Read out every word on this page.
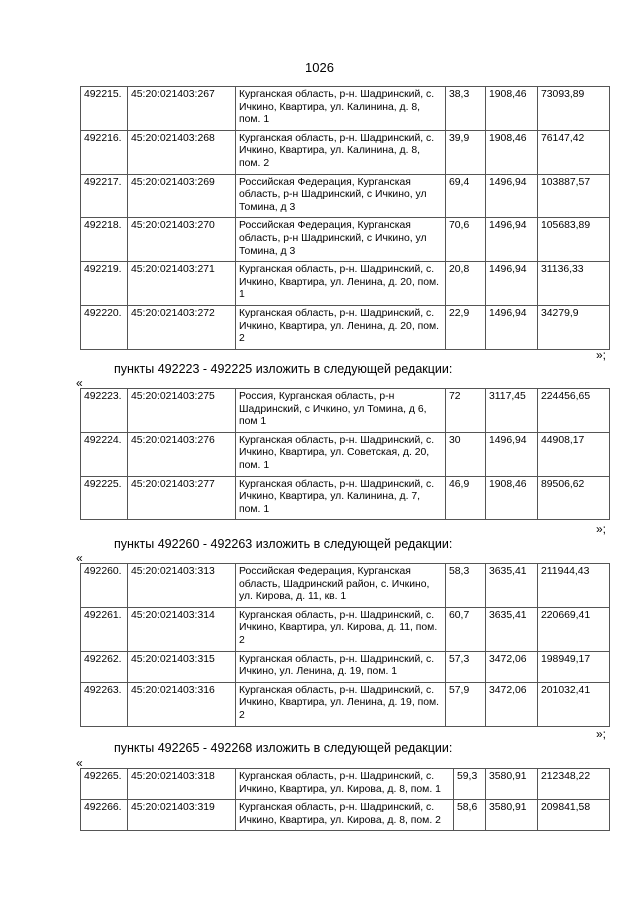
1026
492215.	45:20:021403:267	Курганская область, р-н. Шадринский, с. Ичкино, Квартира, ул. Калинина, д. 8, пом. 1	38,3	1908,46	73093,89
492216.	45:20:021403:268	Курганская область, р-н. Шадринский, с. Ичкино, Квартира, ул. Калинина, д. 8, пом. 2	39,9	1908,46	76147,42
492217.	45:20:021403:269	Российская Федерация, Курганская область, р-н Шадринский, с Ичкино, ул Томина, д 3	69,4	1496,94	103887,57
492218.	45:20:021403:270	Российская Федерация, Курганская область, р-н Шадринский, с Ичкино, ул Томина, д 3	70,6	1496,94	105683,89
492219.	45:20:021403:271	Курганская область, р-н. Шадринский, с. Ичкино, Квартира, ул. Ленина, д. 20, пом. 1	20,8	1496,94	31136,33
492220.	45:20:021403:272	Курганская область, р-н. Шадринский, с. Ичкино, Квартира, ул. Ленина, д. 20, пом. 2	22,9	1496,94	34279,9
»;
пункты 492223 - 492225 изложить в следующей редакции:
«
492223.	45:20:021403:275	Россия, Курганская область, р-н Шадринский, с Ичкино, ул Томина, д 6, пом 1	72	3117,45	224456,65
492224.	45:20:021403:276	Курганская область, р-н. Шадринский, с. Ичкино, Квартира, ул. Советская, д. 20, пом. 1	30	1496,94	44908,17
492225.	45:20:021403:277	Курганская область, р-н. Шадринский, с. Ичкино, Квартира, ул. Калинина, д. 7, пом. 1	46,9	1908,46	89506,62
»;
пункты 492260 - 492263 изложить в следующей редакции:
«
492260.	45:20:021403:313	Российская Федерация, Курганская область, Шадринский район, с. Ичкино, ул. Кирова, д. 11, кв. 1	58,3	3635,41	211944,43
492261.	45:20:021403:314	Курганская область, р-н. Шадринский, с. Ичкино, Квартира, ул. Кирова, д. 11, пом. 2	60,7	3635,41	220669,41
492262.	45:20:021403:315	Курганская область, р-н. Шадринский, с. Ичкино, ул. Ленина, д. 19, пом. 1	57,3	3472,06	198949,17
492263.	45:20:021403:316	Курганская область, р-н. Шадринский, с. Ичкино, Квартира, ул. Ленина, д. 19, пом. 2	57,9	3472,06	201032,41
»;
пункты 492265 - 492268 изложить в следующей редакции:
«
492265.	45:20:021403:318	Курганская область, р-н. Шадринский, с. Ичкино, Квартира, ул. Кирова, д. 8, пом. 1	59,3	3580,91	212348,22
492266.	45:20:021403:319	Курганская область, р-н. Шадринский, с. Ичкино, Квартира, ул. Кирова, д. 8, пом. 2	58,6	3580,91	209841,58
